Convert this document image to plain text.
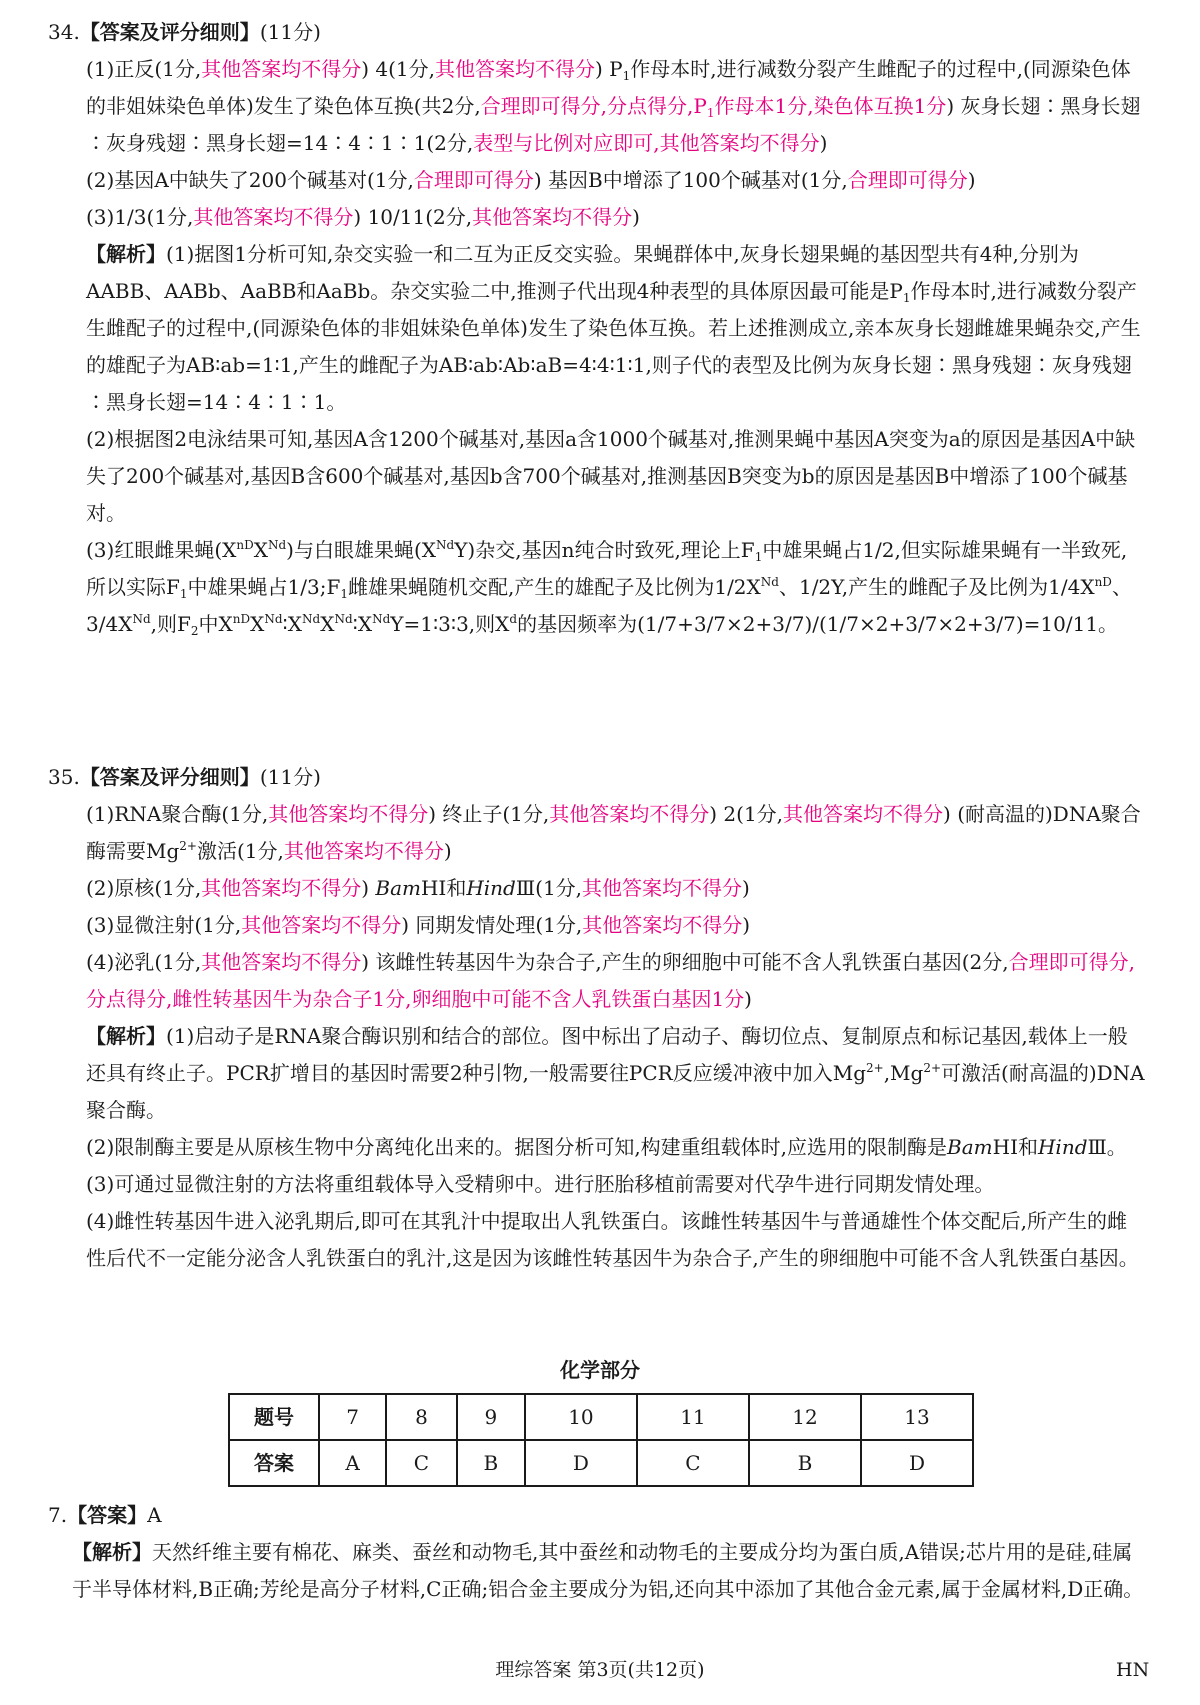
34.【答案及评分细则】(11分)

(1)正反(1分,其他答案均不得分) 4(1分,其他答案均不得分) $P_1$作母本时,进行减数分裂产生雌配子的过程中,(同源染色体的非姐妹染色单体)发生了染色体互换(共2分,合理即可得分,分点得分$,P_1$作母本1分,染色体互换1分) 灰身长翅∶黑身长翅∶灰身残翅∶黑身长翅=14∶4∶1∶1(2分,表型与比例对应即可,其他答案均不得分)

(2)基因A中缺失了200个碱基对(1分,合理即可得分) 基因B中增添了100个碱基对(1分,合理即可得分)

(3)1/3(1分,其他答案均不得分) 10/11(2分,其他答案均不得分)

【解析】(1)据图1分析可知,杂交实验一和二互为正反交实验。果蝇群体中,灰身长翅果蝇的基因型共有4种,分别为AABB、AABb、AaBB和AaBb。杂交实验二中,推测子代出现4种表型的具体原因最可能是$P_1$作母本时,进行减数分裂产生雌配子的过程中,(同源染色体的非姐妹染色单体)发生了染色体互换。若上述推测成立,亲本灰身长翅雌雄果蝇杂交,产生的雄配子为AB∶ab=1∶1,产生的雌配子为AB∶ab∶Ab∶aB=4∶4∶1∶1,则子代的表型及比例为灰身长翅∶黑身残翅∶灰身残翅∶黑身长翅=14∶4∶1∶1。

(2)根据图2电泳结果可知,基因A含1200个碱基对,基因a含1000个碱基对,推测果蝇中基因A突变为a的原因是基因A中缺失了200个碱基对,基因B含600个碱基对,基因b含700个碱基对,推测基因B突变为b的原因是基因B中增添了100个碱基对。

(3)红眼雌果蝇(XnDXNd)与白眼雄果蝇(XNdY)杂交,基因n纯合时致死,理论上$F_1$中雄果蝇占1/2,但实际雄果蝇有一半致死,所以实际$F_1$中雄果蝇占$1/3;F_1$雌雄果蝇随机交配,产生的雄配子及比例为1/2XNd、1/2Y,产生的雌配子及比例为1/4XnD、3/4XNd,则$F_2$中XnDXNd∶XNdXNd∶XNdY=1∶3∶3,则$X^d$的基因频率为(1/7+3/7×2+3/7)/(1/7×2+3/7×2+3/7)=10/11。

35.【答案及评分细则】(11分)

(1)RNA聚合酶(1分,其他答案均不得分) 终止子(1分,其他答案均不得分) 2(1分,其他答案均不得分) (耐高温的)DNA聚合酶需要$Mg^{2+}$激活(1分,其他答案均不得分)

(2)原核(1分,其他答案均不得分) BamHⅠ和HindⅢ(1分,其他答案均不得分)

(3)显微注射(1分,其他答案均不得分) 同期发情处理(1分,其他答案均不得分)

(4)泌乳(1分,其他答案均不得分) 该雌性转基因牛为杂合子,产生的卵细胞中可能不含人乳铁蛋白基因(2分,合理即可得分,分点得分,雌性转基因牛为杂合子1分,卵细胞中可能不含人乳铁蛋白基因1分)

【解析】(1)启动子是RNA聚合酶识别和结合的部位。图中标出了启动子、酶切位点、复制原点和标记基因,载体上一般还具有终止子。PCR扩增目的基因时需要2种引物,一般需要往PCR反应缓冲液中加入$Mg^{2+},Mg^{2+}$可激活(耐高温的)DNA聚合酶。

(2)限制酶主要是从原核生物中分离纯化出来的。据图分析可知,构建重组载体时,应选用的限制酶是BamHⅠ和HindⅢ。

(3)可通过显微注射的方法将重组载体导入受精卵中。进行胚胎移植前需要对代孕牛进行同期发情处理。

(4)雌性转基因牛进入泌乳期后,即可在其乳汁中提取出人乳铁蛋白。该雌性转基因牛与普通雄性个体交配后,所产生的雌性后代不一定能分泌含人乳铁蛋白的乳汁,这是因为该雌性转基因牛为杂合子,产生的卵细胞中可能不含人乳铁蛋白基因。

化学部分
题号	7	8	9	10	11	12	13
答案	A	C	B	D	C	B	D

7.【答案】A

【解析】天然纤维主要有棉花、麻类、蚕丝和动物毛,其中蚕丝和动物毛的主要成分均为蛋白质,A错误;芯片用的是硅,硅属于半导体材料,B正确;芳纶是高分子材料,C正确;铝合金主要成分为铝,还向其中添加了其他合金元素,属于金属材料,D正确。

理综答案 第3页(共12页)	HN
